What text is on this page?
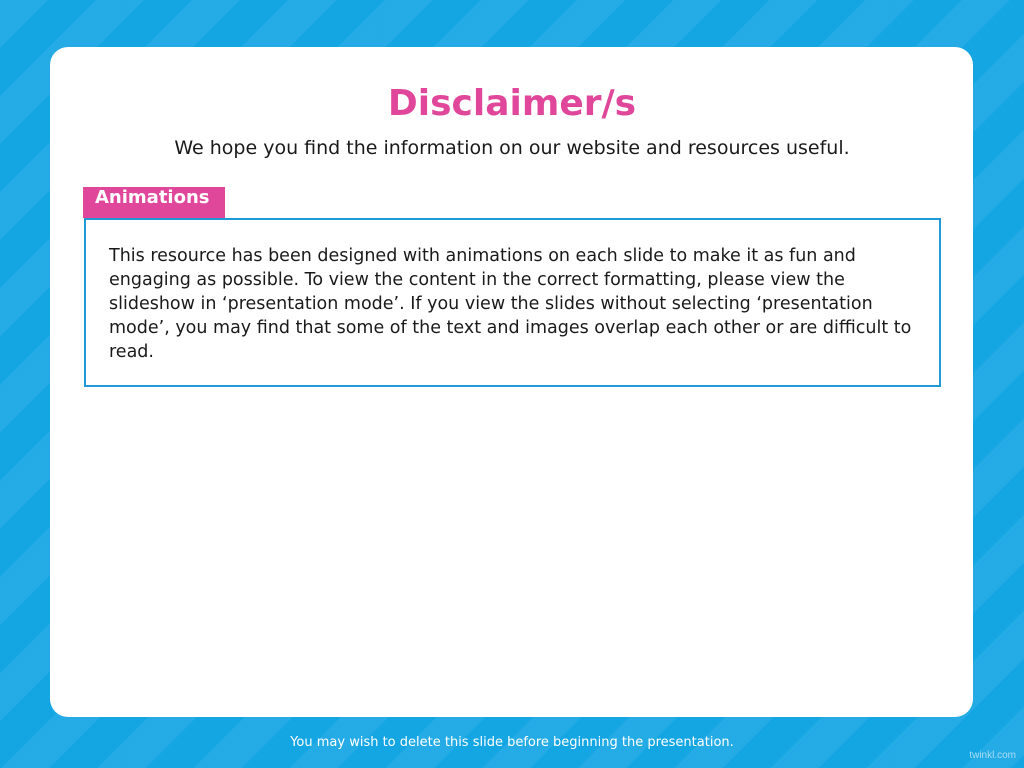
Disclaimer/s
We hope you find the information on our website and resources useful.
Animations

This resource has been designed with animations on each slide to make it as fun and engaging as possible. To view the content in the correct formatting, please view the slideshow in ‘presentation mode’. If you view the slides without selecting ‘presentation mode’, you may find that some of the text and images overlap each other or are difficult to read.

You may wish to delete this slide before beginning the presentation.
twinkl.com
